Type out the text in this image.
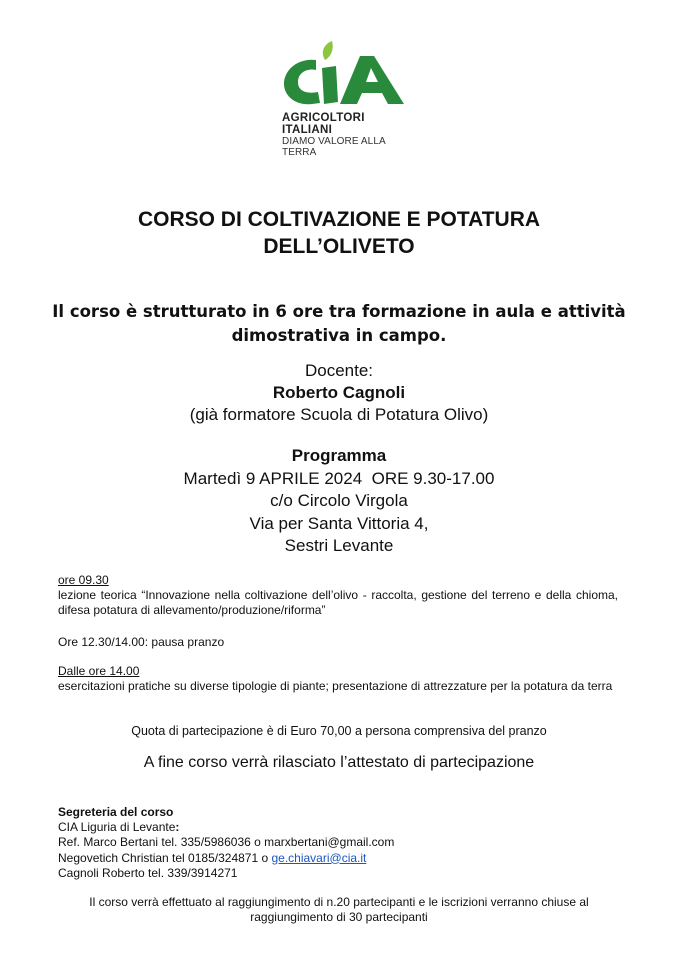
AGRICOLTORI ITALIANI
DIAMO VALORE ALLA TERRA
CORSO DI COLTIVAZIONE E POTATURA
DELL’OLIVETO
Il corso è strutturato in 6 ore tra formazione in aula e attività dimostrativa in campo.
Docente:
Roberto Cagnoli
(già formatore Scuola di Potatura Olivo)
Programma
Martedì 9 APRILE 2024  ORE 9.30-17.00
c/o Circolo Virgola
Via per Santa Vittoria 4,
Sestri Levante
ore 09.30
lezione teorica “Innovazione nella coltivazione dell’olivo - raccolta, gestione del terreno e della chioma, difesa potatura di allevamento/produzione/riforma”
Ore 12.30/14.00: pausa pranzo
Dalle ore 14.00
esercitazioni pratiche su diverse tipologie di piante; presentazione di attrezzature per la potatura da terra
Quota di partecipazione è di Euro 70,00 a persona comprensiva del pranzo
A fine corso verrà rilasciato l’attestato di partecipazione
Segreteria del corso
CIA Liguria di Levante:
Ref. Marco Bertani tel. 335/5986036 o marxbertani@gmail.com
Negovetich Christian tel 0185/324871 o ge.chiavari@cia.it
Cagnoli Roberto tel. 339/3914271
Il corso verrà effettuato al raggiungimento di n.20 partecipanti e le iscrizioni verranno chiuse al raggiungimento di 30 partecipanti
